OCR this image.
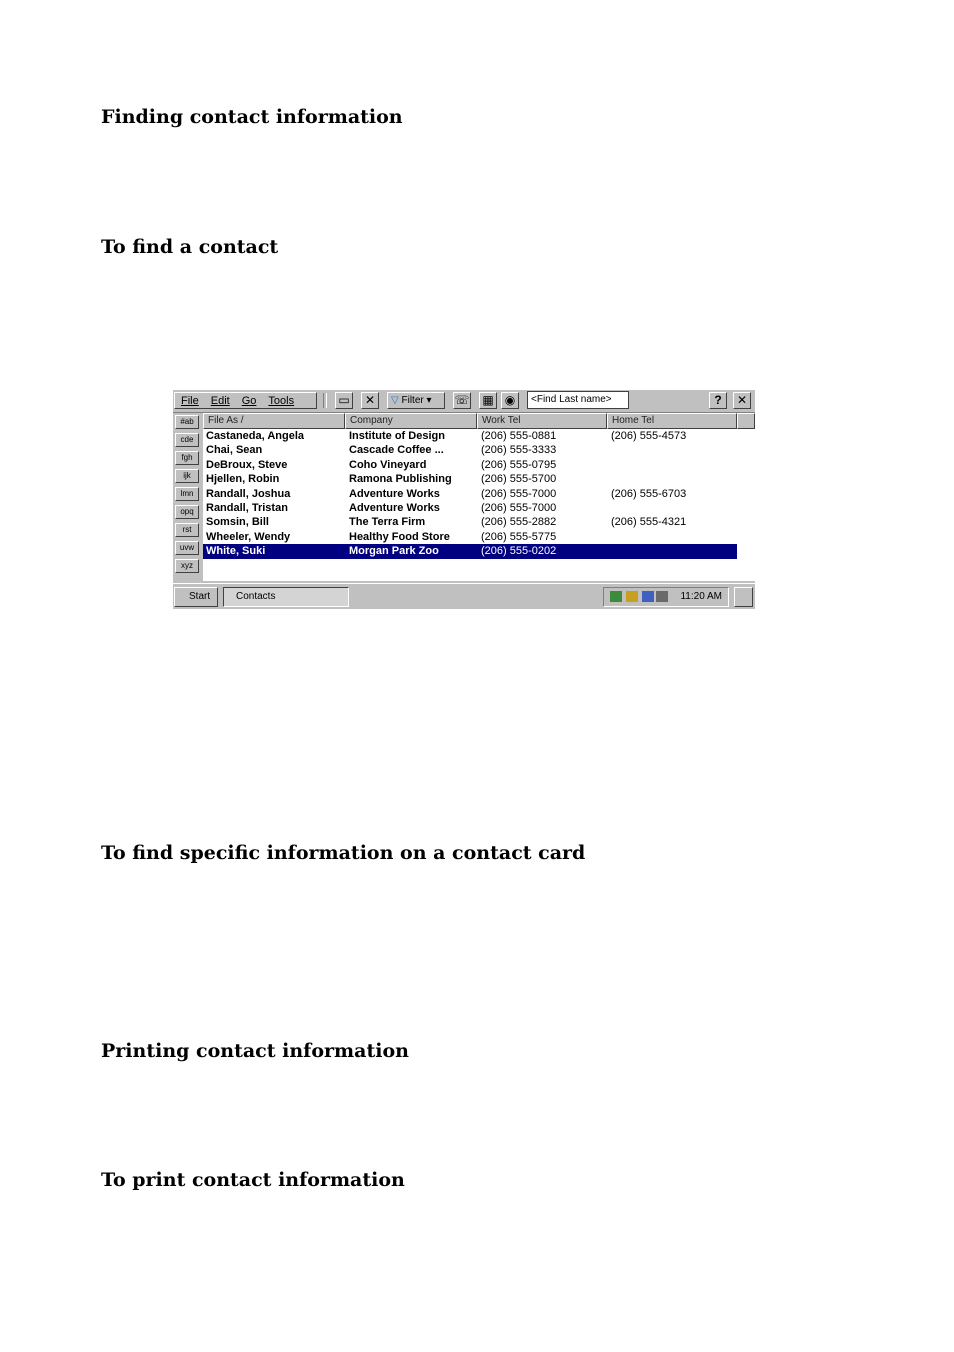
Finding contact information
To find a contact
To find specific information on a contact card
Printing contact information
To print contact information
File Edit Go Tools	▭	✕	▽ Filter ▾	☏ ▦ ◉	<Find Last name>	?	✕
#ab
cde
fgh
ijk
lmn
opq
rst
uvw
xyz
File As /	Company	Work Tel	Home Tel
Castaneda, Angela	Institute of Design	(206) 555-0881	(206) 555-4573
Chai, Sean	Cascade Coffee ...	(206) 555-3333
DeBroux, Steve	Coho Vineyard	(206) 555-0795
Hjellen, Robin	Ramona Publishing	(206) 555-5700
Randall, Joshua	Adventure Works	(206) 555-7000	(206) 555-6703
Randall, Tristan	Adventure Works	(206) 555-7000
Somsin, Bill	The Terra Firm	(206) 555-2882	(206) 555-4321
Wheeler, Wendy	Healthy Food Store	(206) 555-5775
White, Suki	Morgan Park Zoo	(206) 555-0202
Start	Contacts	11:20 AM
